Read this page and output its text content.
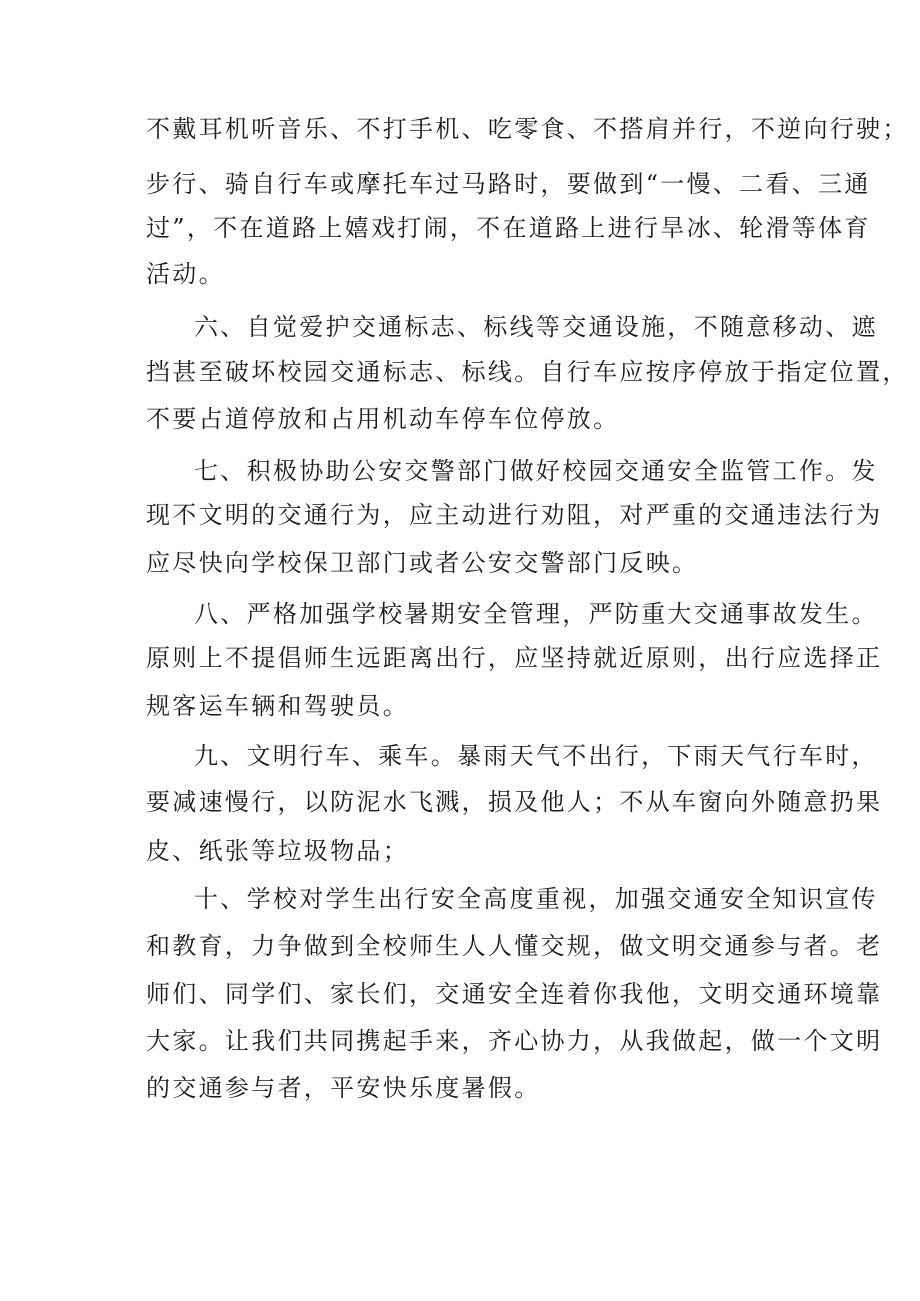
不戴耳机听音乐、不打手机、吃零食、不搭肩并行，不逆向行驶；

步行、骑自行车或摩托车过马路时，要做到“一慢、二看、三通

过”，不在道路上嬉戏打闹，不在道路上进行旱冰、轮滑等体育

活动。

六、自觉爱护交通标志、标线等交通设施，不随意移动、遮

挡甚至破坏校园交通标志、标线。自行车应按序停放于指定位置，

不要占道停放和占用机动车停车位停放。

七、积极协助公安交警部门做好校园交通安全监管工作。发

现不文明的交通行为，应主动进行劝阻，对严重的交通违法行为

应尽快向学校保卫部门或者公安交警部门反映。

八、严格加强学校暑期安全管理，严防重大交通事故发生。

原则上不提倡师生远距离出行，应坚持就近原则，出行应选择正

规客运车辆和驾驶员。

九、文明行车、乘车。暴雨天气不出行，下雨天气行车时，

要减速慢行，以防泥水飞溅，损及他人；不从车窗向外随意扔果

皮、纸张等垃圾物品；

十、学校对学生出行安全高度重视，加强交通安全知识宣传

和教育，力争做到全校师生人人懂交规，做文明交通参与者。老

师们、同学们、家长们，交通安全连着你我他，文明交通环境靠

大家。让我们共同携起手来，齐心协力，从我做起，做一个文明

的交通参与者，平安快乐度暑假。
